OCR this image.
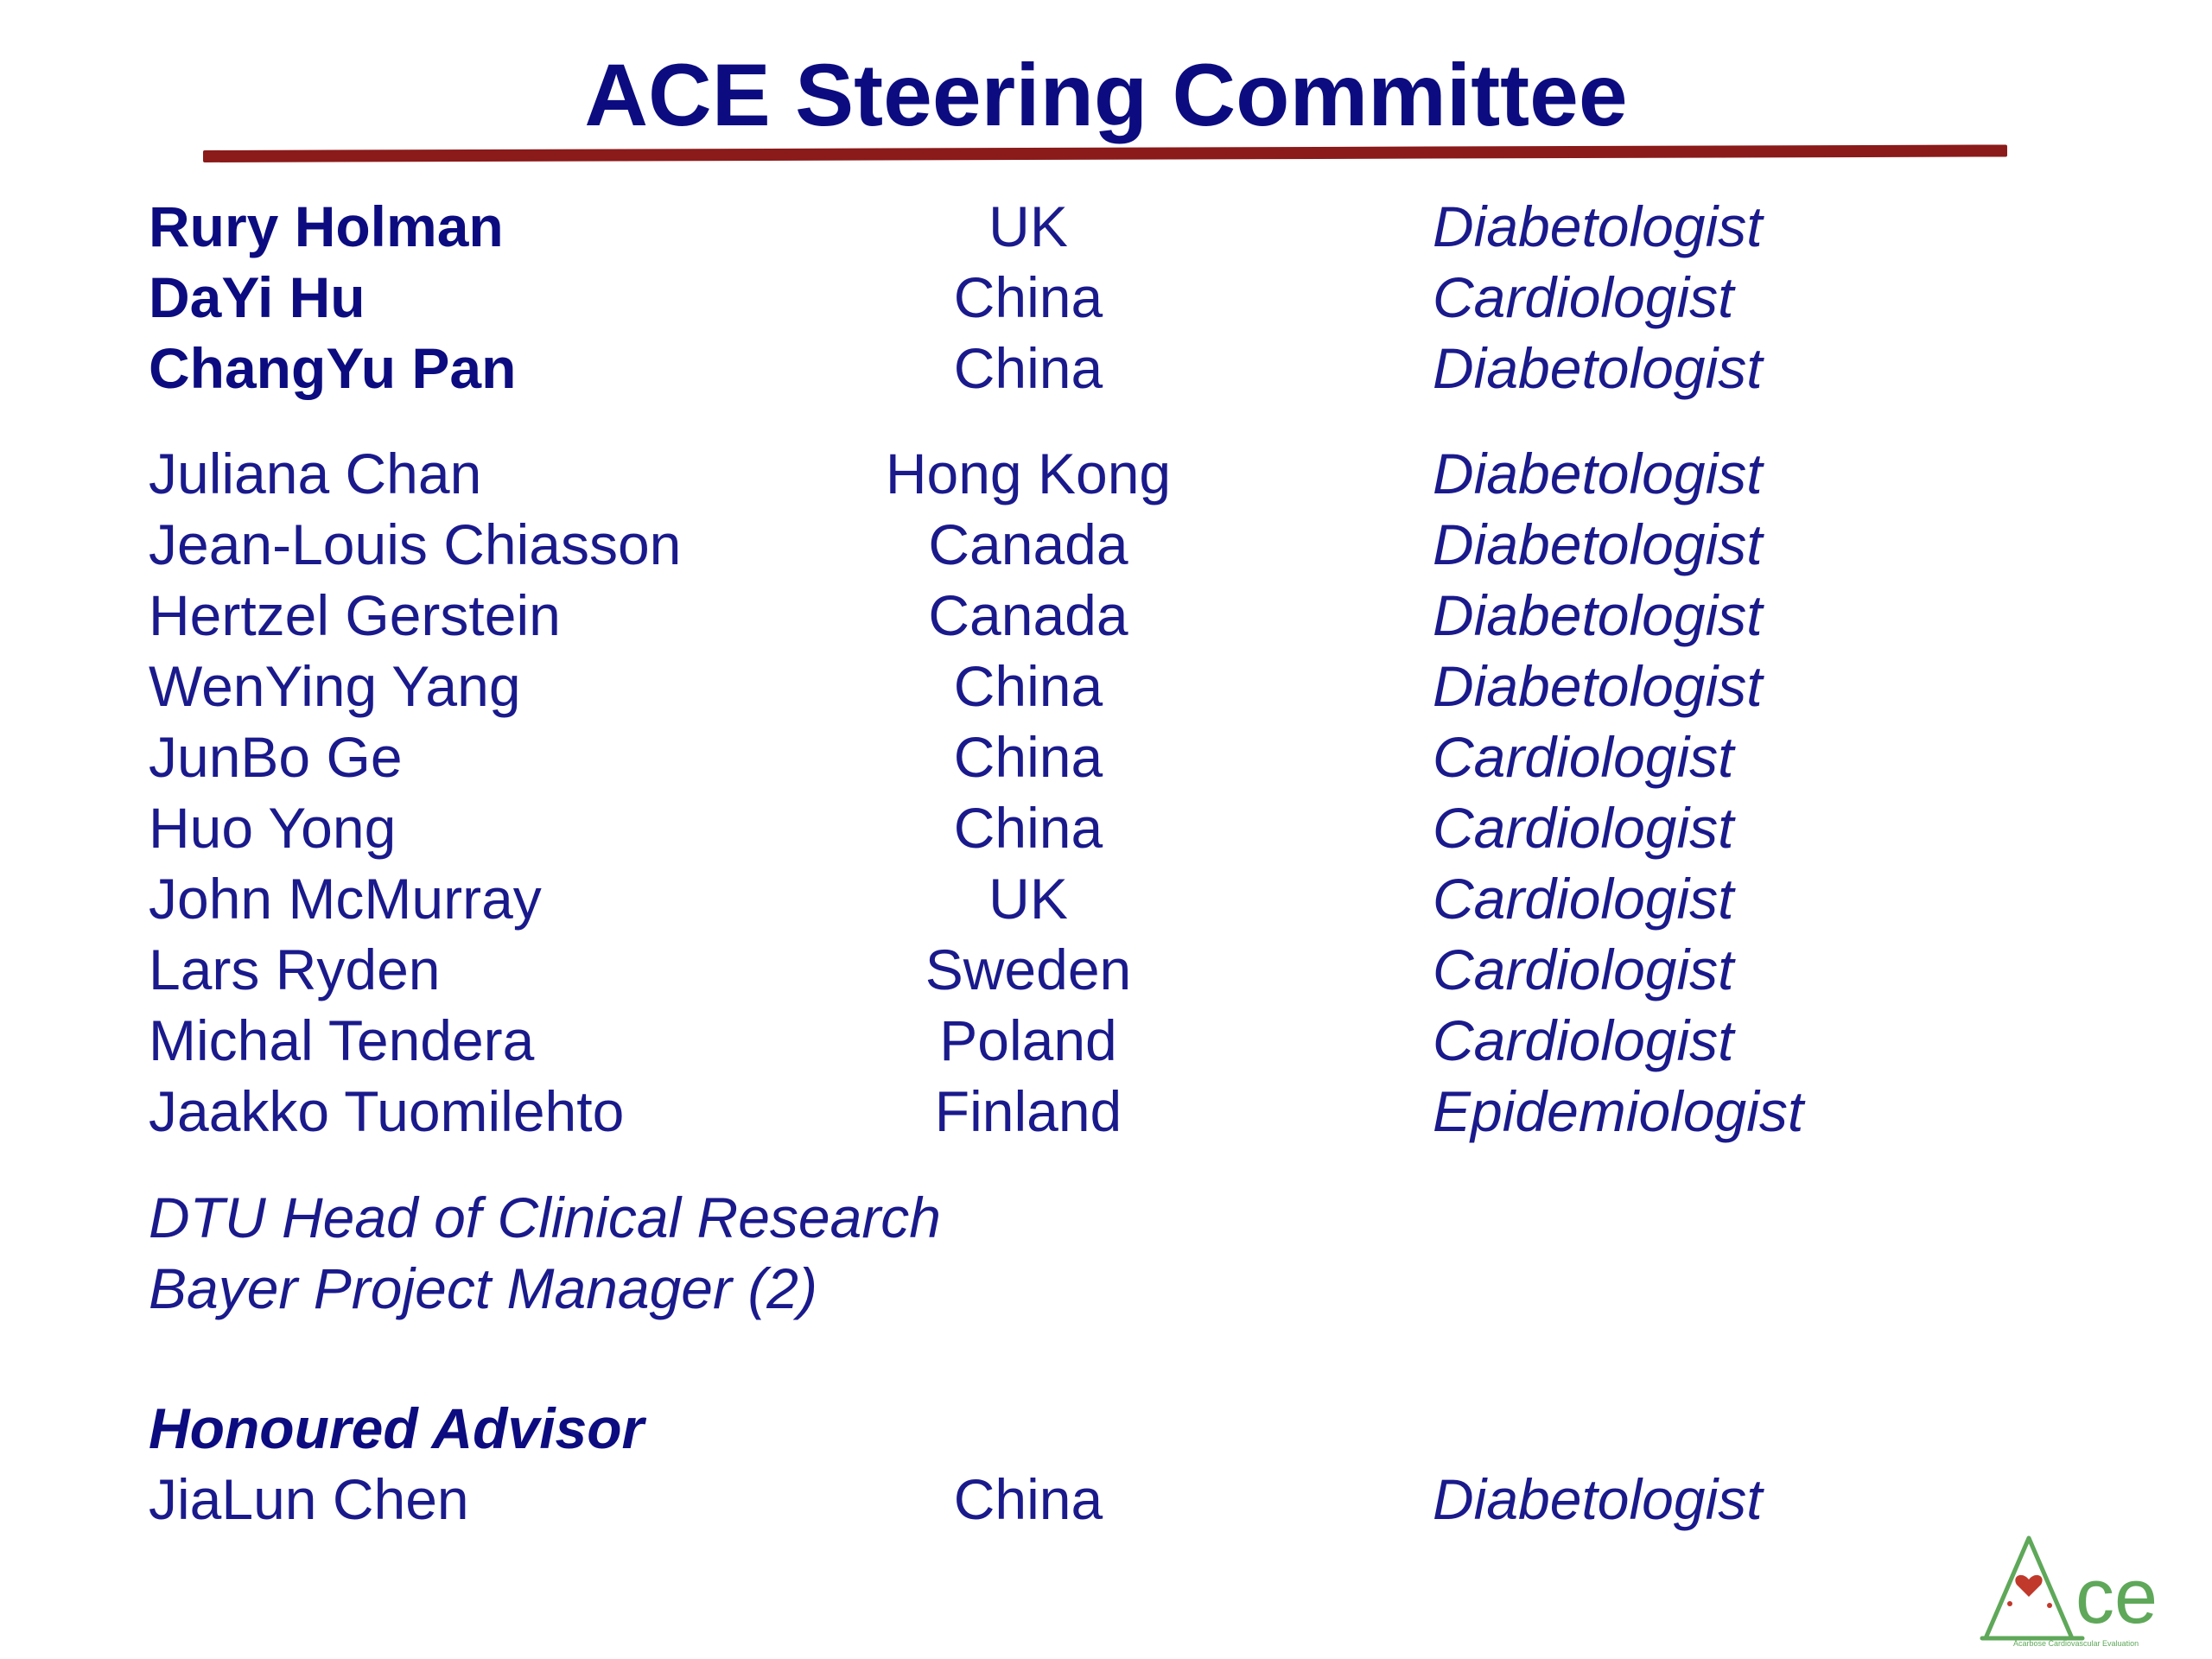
ACE Steering Committee
Rury Holman	UK	Diabetologist
DaYi Hu	China	Cardiologist
ChangYu Pan	China	Diabetologist
Juliana Chan	Hong Kong	Diabetologist
Jean-Louis Chiasson	Canada	Diabetologist
Hertzel Gerstein	Canada	Diabetologist
WenYing Yang	China	Diabetologist
JunBo Ge	China	Cardiologist
Huo Yong	China	Cardiologist
John McMurray	UK	Cardiologist
Lars Ryden	Sweden	Cardiologist
Michal Tendera	Poland	Cardiologist
Jaakko Tuomilehto	Finland	Epidemiologist
DTU Head of Clinical Research
Bayer Project Manager (2)
Honoured Advisor
JiaLun Chen	China	Diabetologist
ce
Acarbose Cardiovascular Evaluation
